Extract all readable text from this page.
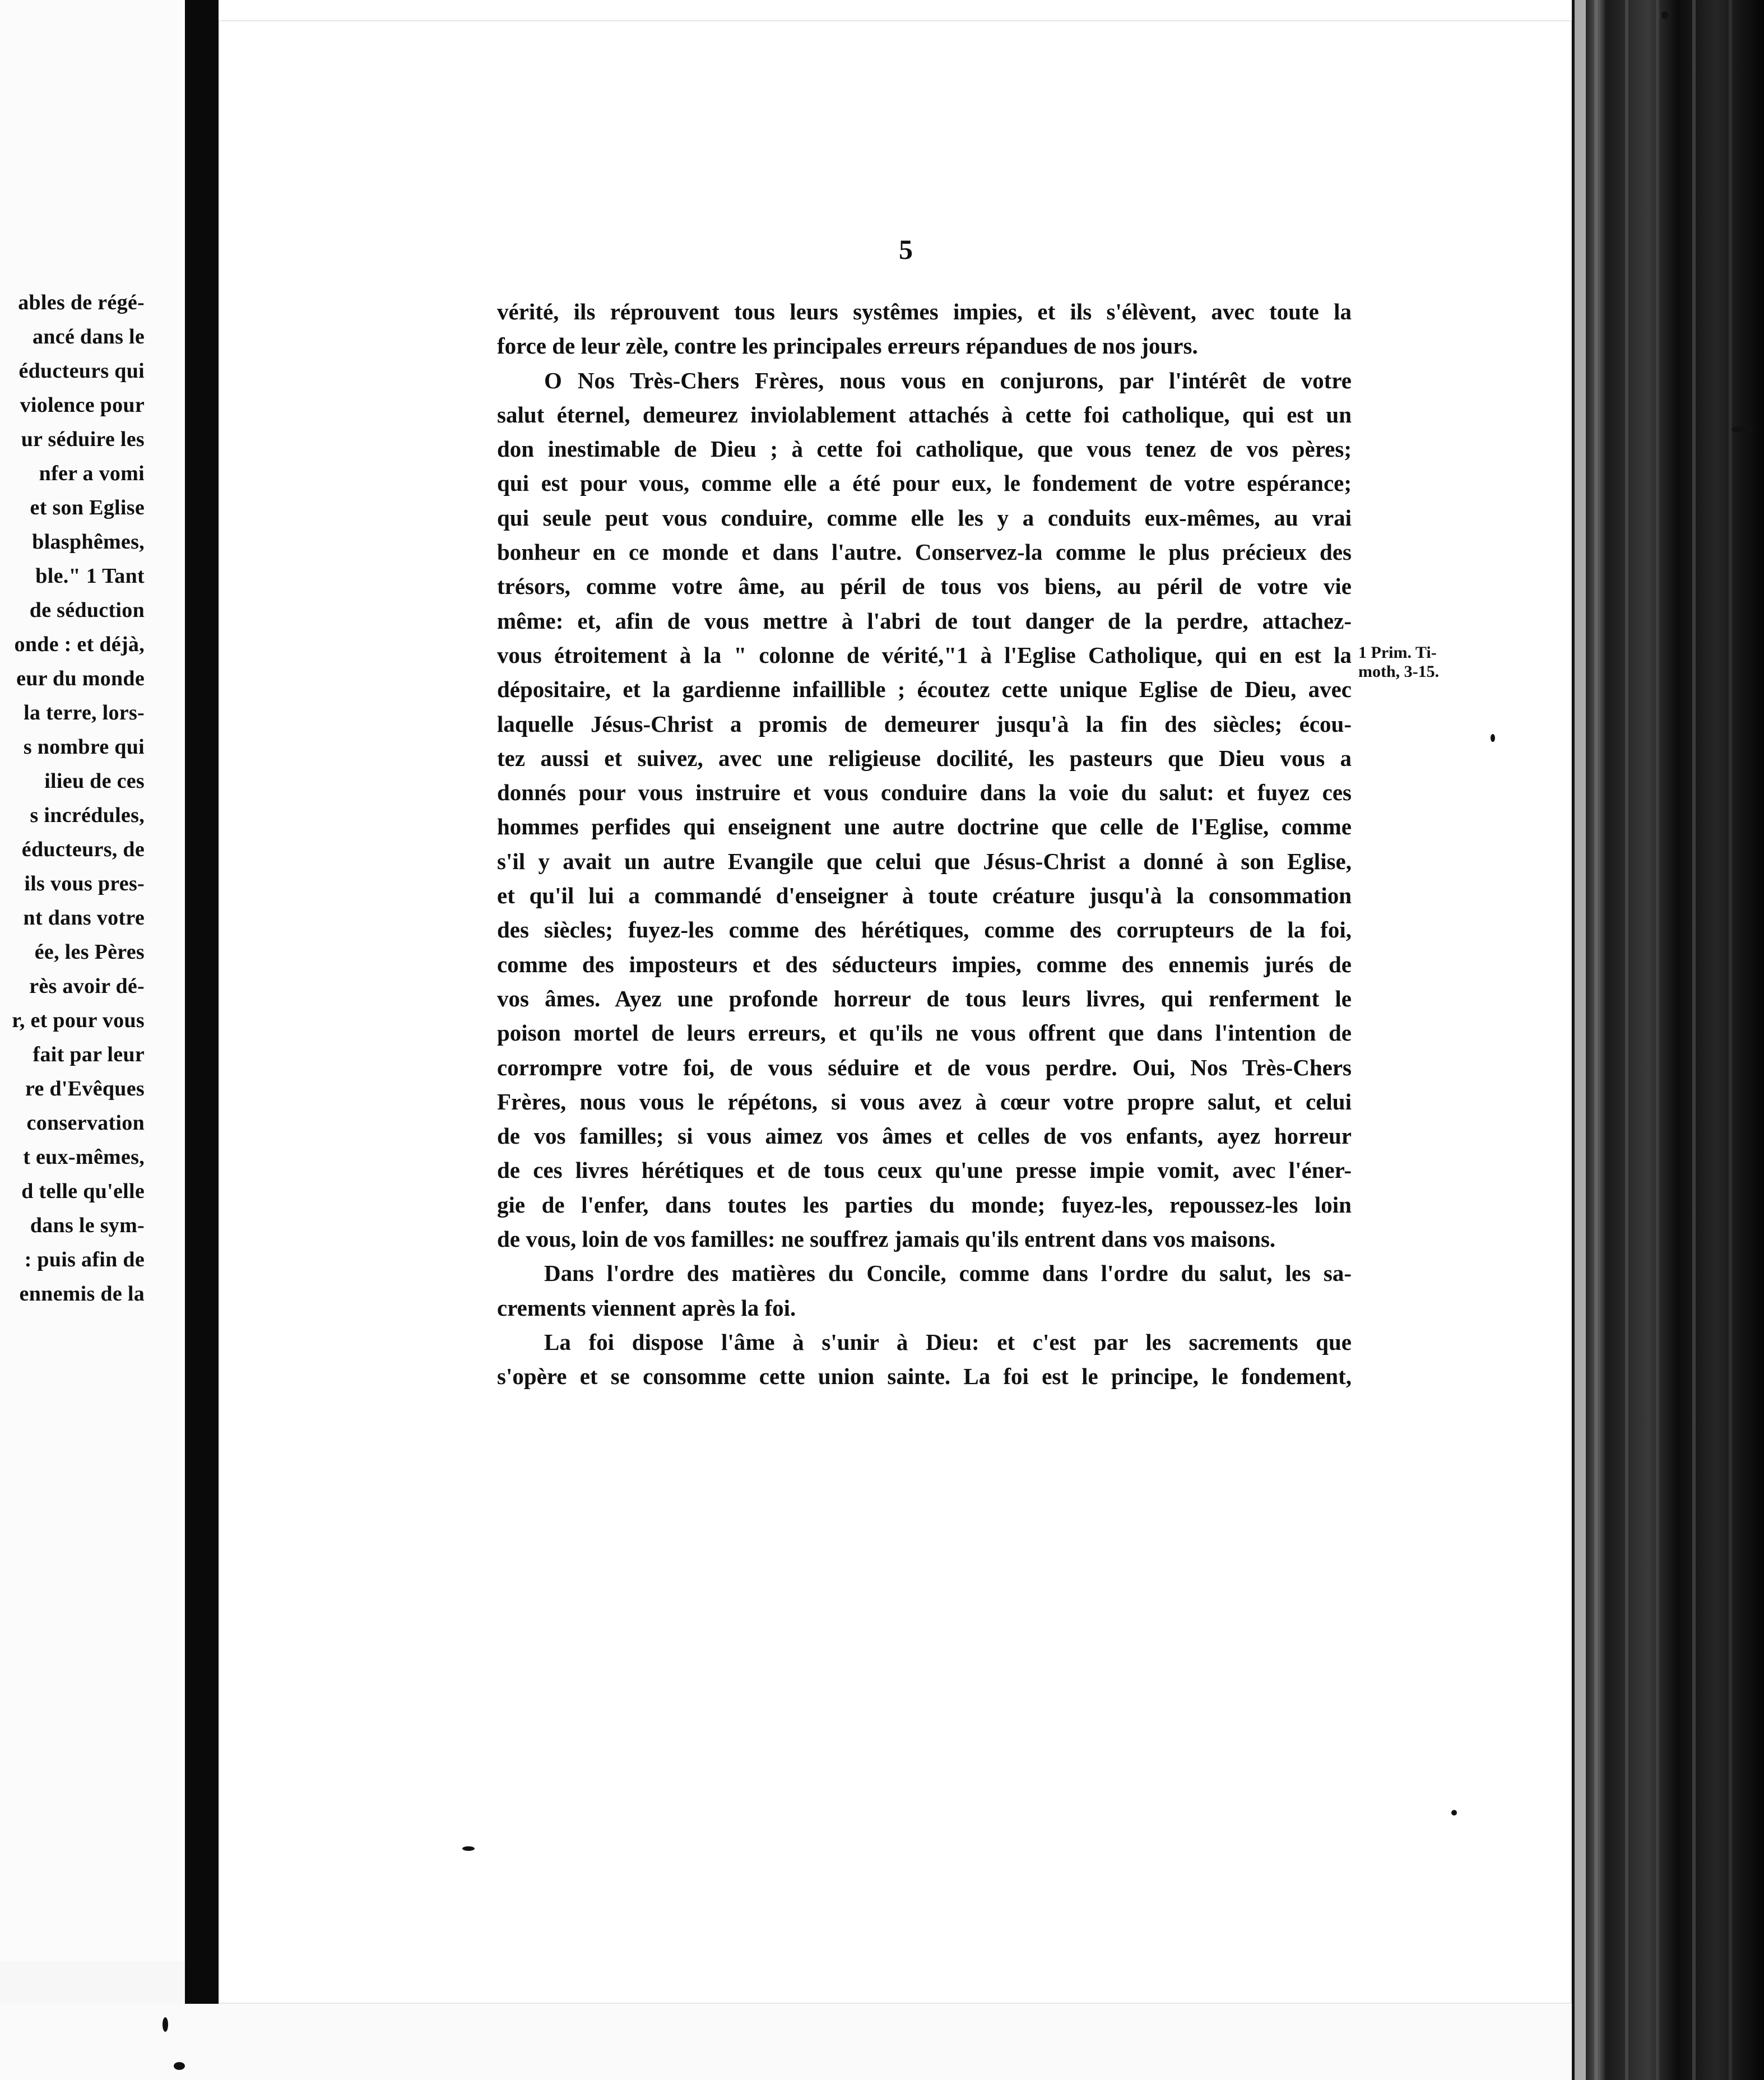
ables de régé-
ancé dans le
éducteurs qui
violence pour
ur séduire les
nfer a vomi
et son Eglise
blasphêmes,
ble." 1 Tant
de séduction
onde : et déjà,
eur du monde
la terre, lors-
s nombre qui
ilieu de ces
s incrédules,
éducteurs, de
ils vous pres-
nt dans votre
ée, les Pères
rès avoir dé-
r, et pour vous
fait par leur
re d'Evêques
conservation
t eux-mêmes,
d telle qu'elle
dans le sym-
: puis afin de
ennemis de la
5
vérité, ils réprouvent tous leurs systêmes impies, et ils s'élèvent, avec toute la
force de leur zèle, contre les principales erreurs répandues de nos jours.
O Nos Très-Chers Frères, nous vous en conjurons, par l'intérêt de votre
salut éternel, demeurez inviolablement attachés à cette foi catholique, qui est un
don inestimable de Dieu ; à cette foi catholique, que vous tenez de vos pères;
qui est pour vous, comme elle a été pour eux, le fondement de votre espérance;
qui seule peut vous conduire, comme elle les y a conduits eux-mêmes, au vrai
bonheur en ce monde et dans l'autre. Conservez-la comme le plus précieux des
trésors, comme votre âme, au péril de tous vos biens, au péril de votre vie
même: et, afin de vous mettre à l'abri de tout danger de la perdre, attachez-
vous étroitement à la " colonne de vérité,"1 à l'Eglise Catholique, qui en est la
dépositaire, et la gardienne infaillible ; écoutez cette unique Eglise de Dieu, avec
laquelle Jésus-Christ a promis de demeurer jusqu'à la fin des siècles; écou-
tez aussi et suivez, avec une religieuse docilité, les pasteurs que Dieu vous a
donnés pour vous instruire et vous conduire dans la voie du salut: et fuyez ces
hommes perfides qui enseignent une autre doctrine que celle de l'Eglise, comme
s'il y avait un autre Evangile que celui que Jésus-Christ a donné à son Eglise,
et qu'il lui a commandé d'enseigner à toute créature jusqu'à la consommation
des siècles; fuyez-les comme des hérétiques, comme des corrupteurs de la foi,
comme des imposteurs et des séducteurs impies, comme des ennemis jurés de
vos âmes. Ayez une profonde horreur de tous leurs livres, qui renferment le
poison mortel de leurs erreurs, et qu'ils ne vous offrent que dans l'intention de
corrompre votre foi, de vous séduire et de vous perdre. Oui, Nos Très-Chers
Frères, nous vous le répétons, si vous avez à cœur votre propre salut, et celui
de vos familles; si vous aimez vos âmes et celles de vos enfants, ayez horreur
de ces livres hérétiques et de tous ceux qu'une presse impie vomit, avec l'éner-
gie de l'enfer, dans toutes les parties du monde; fuyez-les, repoussez-les loin
de vous, loin de vos familles: ne souffrez jamais qu'ils entrent dans vos maisons.
Dans l'ordre des matières du Concile, comme dans l'ordre du salut, les sa-
crements viennent après la foi.
La foi dispose l'âme à s'unir à Dieu: et c'est par les sacrements que
s'opère et se consomme cette union sainte. La foi est le principe, le fondement,
1 Prim. Ti-
moth, 3-15.
